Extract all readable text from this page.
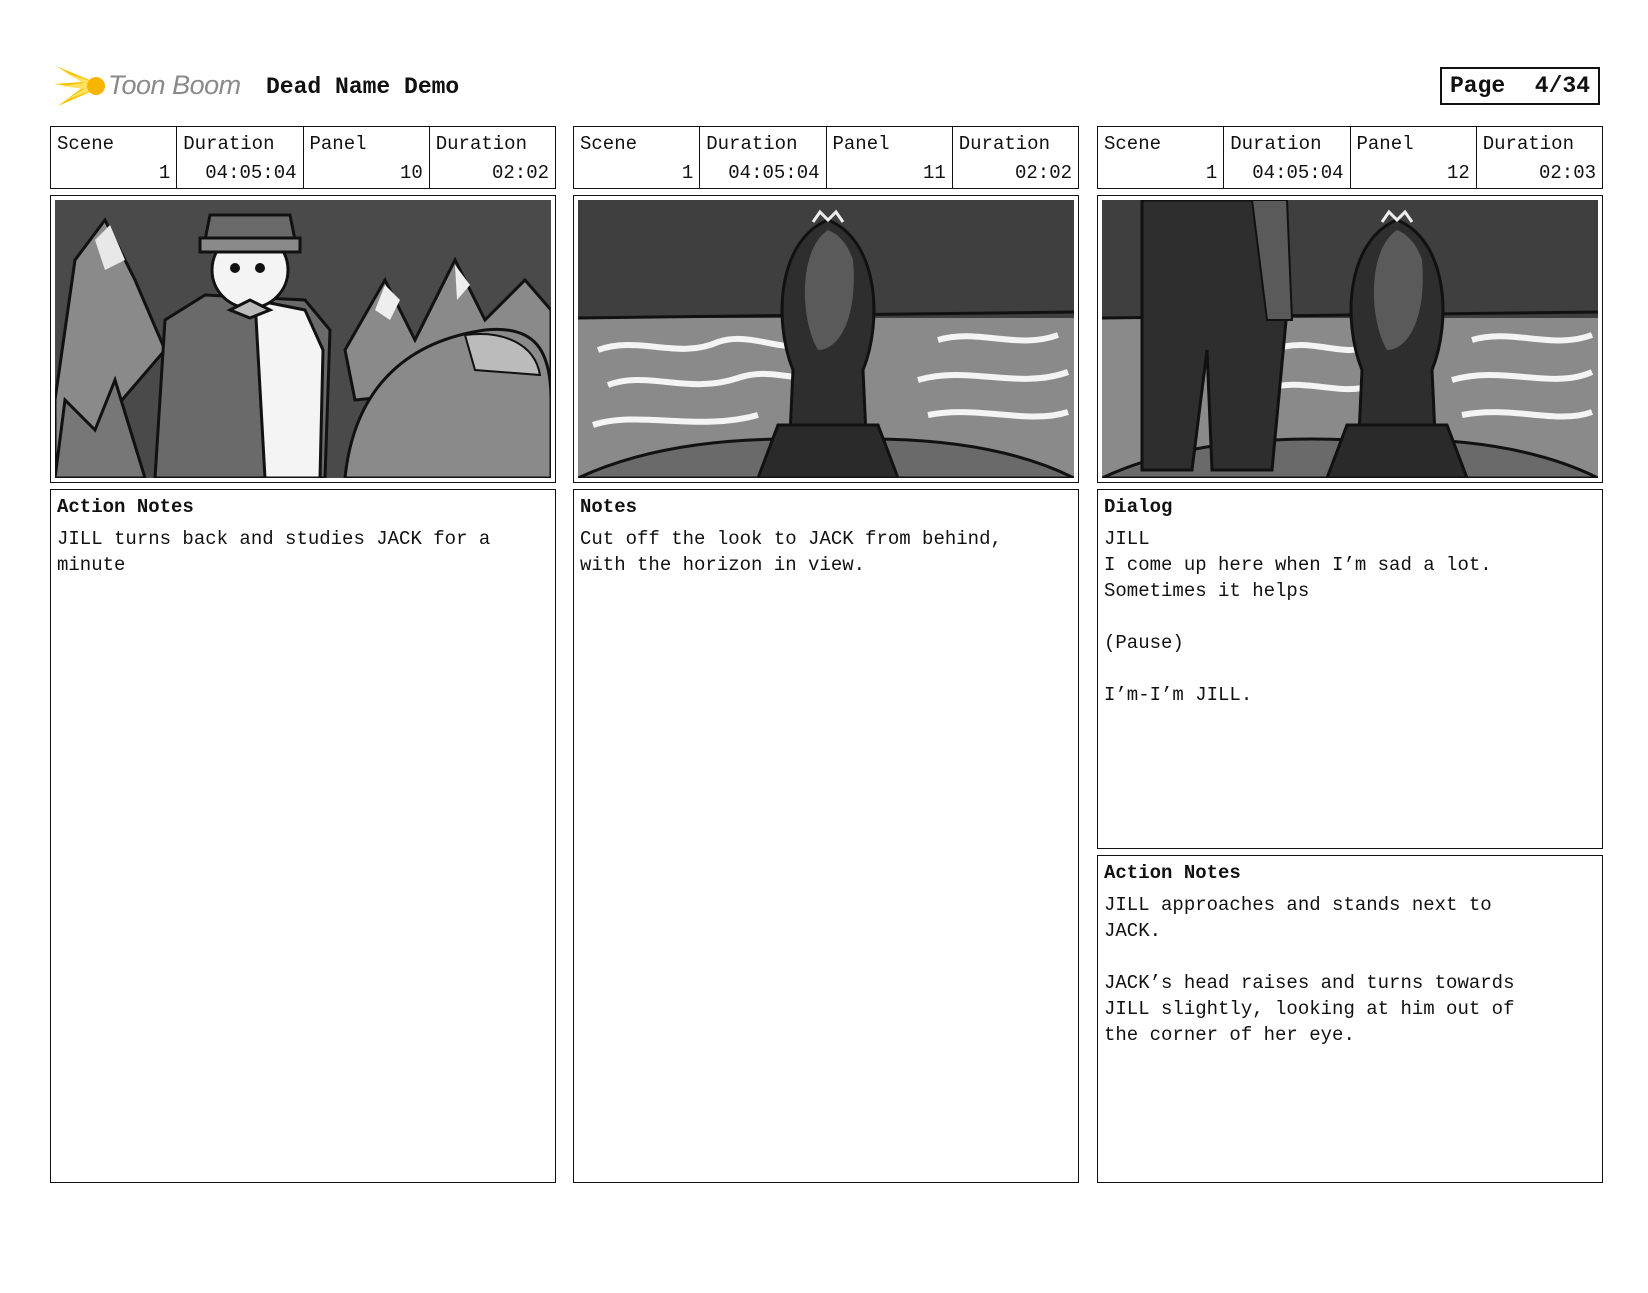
Toon Boom Dead Name Demo	Page 4/34
Scene
1
Duration
04:05:04
Panel
10
Duration
02:02
Action Notes
JILL turns back and studies JACK for a
minute
Scene
1
Duration
04:05:04
Panel
11
Duration
02:02
Notes
Cut off the look to JACK from behind,
with the horizon in view.
Scene
1
Duration
04:05:04
Panel
12
Duration
02:03
Dialog
JILL
I come up here when I’m sad a lot.
Sometimes it helps

(Pause)

I’m-I’m JILL.
Action Notes
JILL approaches and stands next to
JACK.

JACK’s head raises and turns towards
JILL slightly, looking at him out of
the corner of her eye.
